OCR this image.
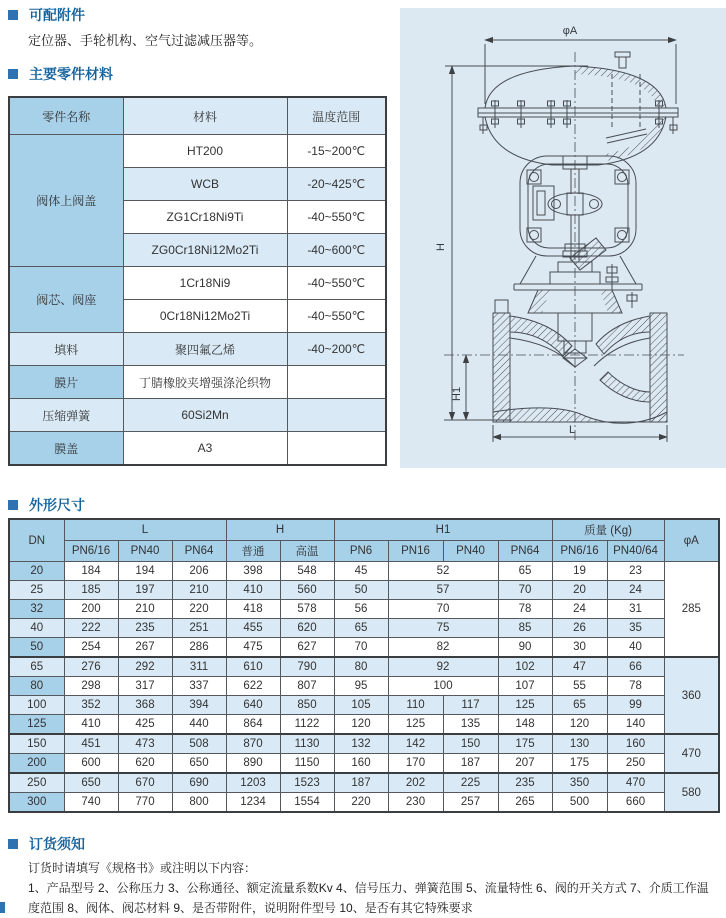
可配附件
定位器、手轮机构、空气过滤减压器等。
主要零件材料
零件名称	材料	温度范围
阀体上阀盖	HT200	-15~200℃
	WCB	-20~425℃
	ZG1Cr18Ni9Ti	-40~550℃
	ZG0Cr18Ni12Mo2Ti	-40~600℃
阀芯、阀座	1Cr18Ni9	-40~550℃
	0Cr18Ni12Mo2Ti	-40~550℃
填料	聚四氟乙烯	-40~200℃
膜片	丁腈橡胶夹增强涤沦织物	
压缩弹簧	60Si2Mn	
膜盖	A3	
φA
H
H1
L
外形尺寸
DN	L			H		H1				质量 (Kg)		φA
	PN6/16	PN40	PN64	普通	高温	PN6	PN16	PN40	PN64	PN6/16	PN40/64	
20	184	194	206	398	548	45	52		65	19	23	285
25	185	197	210	410	560	50	57		70	20	24	
32	200	210	220	418	578	56	70		78	24	31	
40	222	235	251	455	620	65	75		85	26	35	
50	254	267	286	475	627	70	82		90	30	40	
65	276	292	311	610	790	80	92		102	47	66	360
80	298	317	337	622	807	95	100		107	55	78	
100	352	368	394	640	850	105	110	117	125	65	99	
125	410	425	440	864	1122	120	125	135	148	120	140	
150	451	473	508	870	1130	132	142	150	175	130	160	470
200	600	620	650	890	1150	160	170	187	207	175	250	
250	650	670	690	1203	1523	187	202	225	235	350	470	580
300	740	770	800	1234	1554	220	230	257	265	500	660	
订货须知
订货时请填写《规格书》或注明以下内容：
1、产品型号 2、公称压力 3、公称通径、额定流量系数Kv 4、信号压力、弹簧范围 5、流量特性 6、阀的开关方式 7、介质工作温
度范围 8、阀体、阀芯材料 9、是否带附件，说明附件型号 10、是否有其它特殊要求
